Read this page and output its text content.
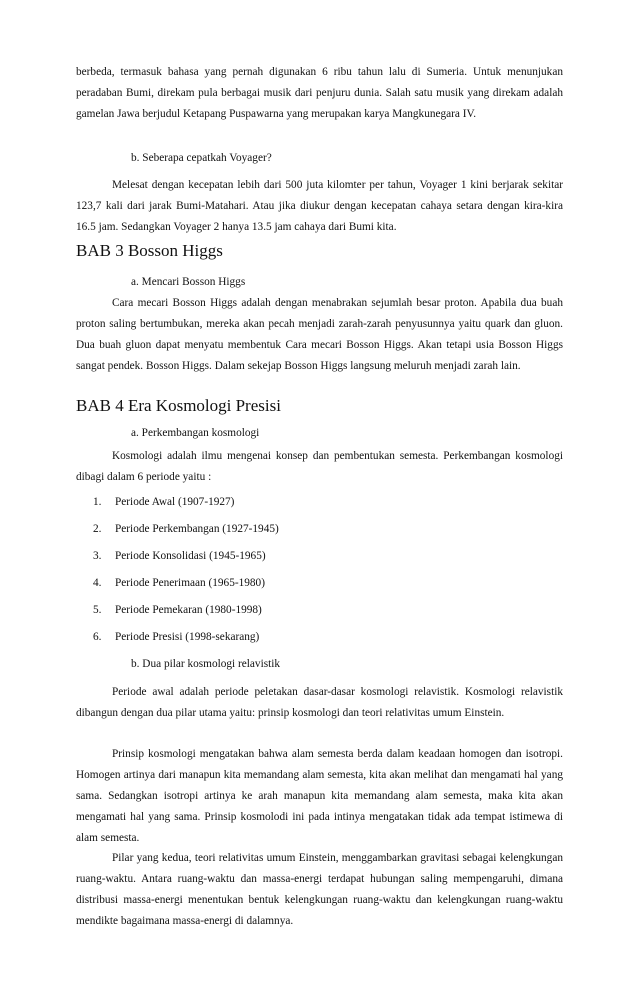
berbeda, termasuk bahasa yang pernah digunakan 6 ribu tahun lalu di Sumeria. Untuk menunjukan peradaban Bumi, direkam pula berbagai musik dari penjuru dunia. Salah satu musik yang direkam adalah gamelan Jawa berjudul Ketapang Puspawarna yang merupakan karya Mangkunegara IV.

b. Seberapa cepatkah Voyager?

Melesat dengan kecepatan lebih dari 500 juta kilomter per tahun, Voyager 1 kini berjarak sekitar 123,7 kali dari jarak Bumi-Matahari. Atau jika diukur dengan kecepatan cahaya setara dengan kira-kira 16.5 jam. Sedangkan Voyager 2 hanya 13.5 jam cahaya dari Bumi kita.

BAB 3 Bosson Higgs

a. Mencari Bosson Higgs

Cara mecari Bosson Higgs adalah dengan menabrakan sejumlah besar proton. Apabila dua buah proton saling bertumbukan, mereka akan pecah menjadi zarah-zarah penyusunnya yaitu quark dan gluon. Dua buah gluon dapat menyatu membentuk Cara mecari Bosson Higgs. Akan tetapi usia Bosson Higgs sangat pendek. Bosson Higgs. Dalam sekejap Bosson Higgs langsung meluruh menjadi zarah lain.

BAB 4 Era Kosmologi Presisi

a. Perkembangan kosmologi

Kosmologi adalah ilmu mengenai konsep dan pembentukan semesta. Perkembangan kosmologi dibagi dalam 6 periode yaitu :

1. Periode Awal (1907-1927)
2. Periode Perkembangan (1927-1945)
3. Periode Konsolidasi (1945-1965)
4. Periode Penerimaan (1965-1980)
5. Periode Pemekaran (1980-1998)
6. Periode Presisi (1998-sekarang)

b. Dua pilar kosmologi relavistik

Periode awal adalah periode peletakan dasar-dasar kosmologi relavistik. Kosmologi relavistik dibangun dengan dua pilar utama yaitu: prinsip kosmologi dan teori relativitas umum Einstein.

Prinsip kosmologi mengatakan bahwa alam semesta berda dalam keadaan homogen dan isotropi. Homogen artinya dari manapun kita memandang alam semesta, kita akan melihat dan mengamati hal yang sama. Sedangkan isotropi artinya ke arah manapun kita memandang alam semesta, maka kita akan mengamati hal yang sama. Prinsip kosmolodi ini pada intinya mengatakan tidak ada tempat istimewa di alam semesta.

Pilar yang kedua, teori relativitas umum Einstein, menggambarkan gravitasi sebagai kelengkungan ruang-waktu. Antara ruang-waktu dan massa-energi terdapat hubungan saling mempengaruhi, dimana distribusi massa-energi menentukan bentuk kelengkungan ruang-waktu dan kelengkungan ruang-waktu mendikte bagaimana massa-energi di dalamnya.
